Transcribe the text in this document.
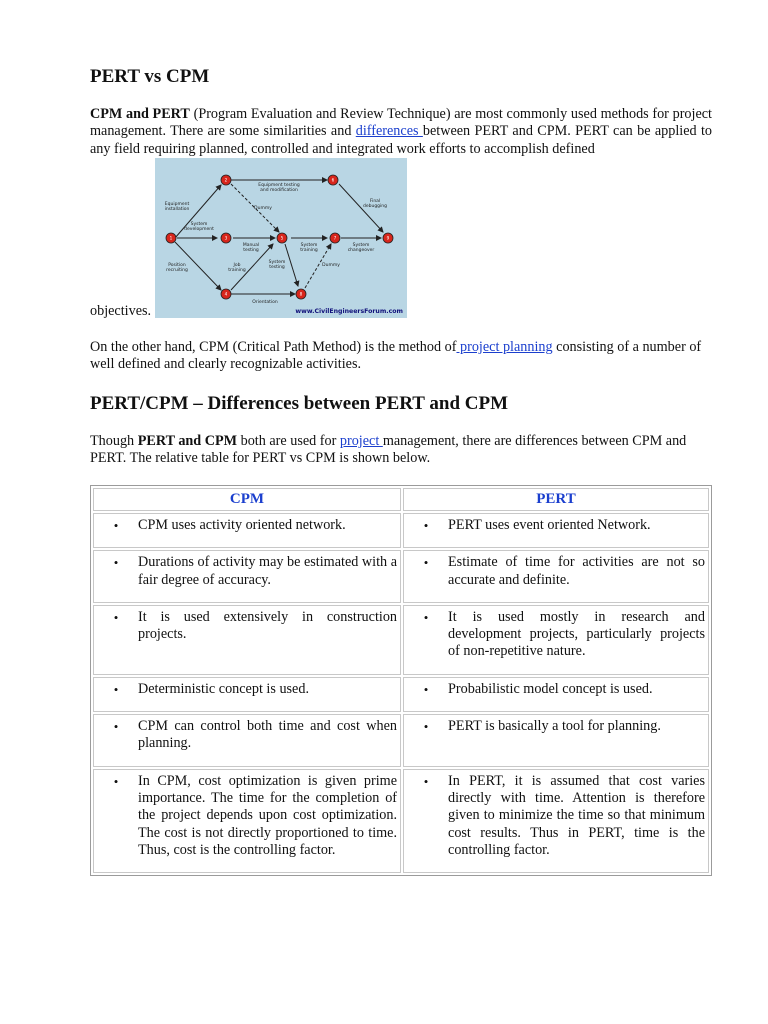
PERT vs CPM

CPM and PERT (Program Evaluation and Review Technique) are most commonly used methods for project management. There are some similarities and differences between PERT and CPM. PERT can be applied to any field requiring planned, controlled and integrated work efforts to accomplish defined

1
2
3
4
5
6
7
8
9
Equipment testing
and modification
Final
debugging
Equipment
installation	Dummy
System
development
Manual
testing
System
training
System
changeover
Position
recruiting
Job
training
System
testing	Dummy
Orientation
www.CivilEngineersForum.com

objectives.

On the other hand, CPM (Critical Path Method) is the method of project planning consisting of a number of well defined and clearly recognizable activities.

PERT/CPM – Differences between PERT and CPM

Though PERT and CPM both are used for project management, there are differences between CPM and PERT. The relative table for PERT vs CPM is shown below.

CPM	PERT

• CPM uses activity oriented network.	• PERT uses event oriented Network.

• Durations of activity may be estimated with a fair degree of accuracy.	• Estimate of time for activities are not so accurate and definite.

• It is used extensively in construction projects.	• It is used mostly in research and development projects, particularly projects of non-repetitive nature.

• Deterministic concept is used.	• Probabilistic model concept is used.

• CPM can control both time and cost when planning.	• PERT is basically a tool for planning.

• In CPM, cost optimization is given prime importance. The time for the completion of the project depends upon cost optimization. The cost is not directly proportioned to time. Thus, cost is the controlling factor.	• In PERT, it is assumed that cost varies directly with time. Attention is therefore given to minimize the time so that minimum cost results. Thus in PERT, time is the controlling factor.
